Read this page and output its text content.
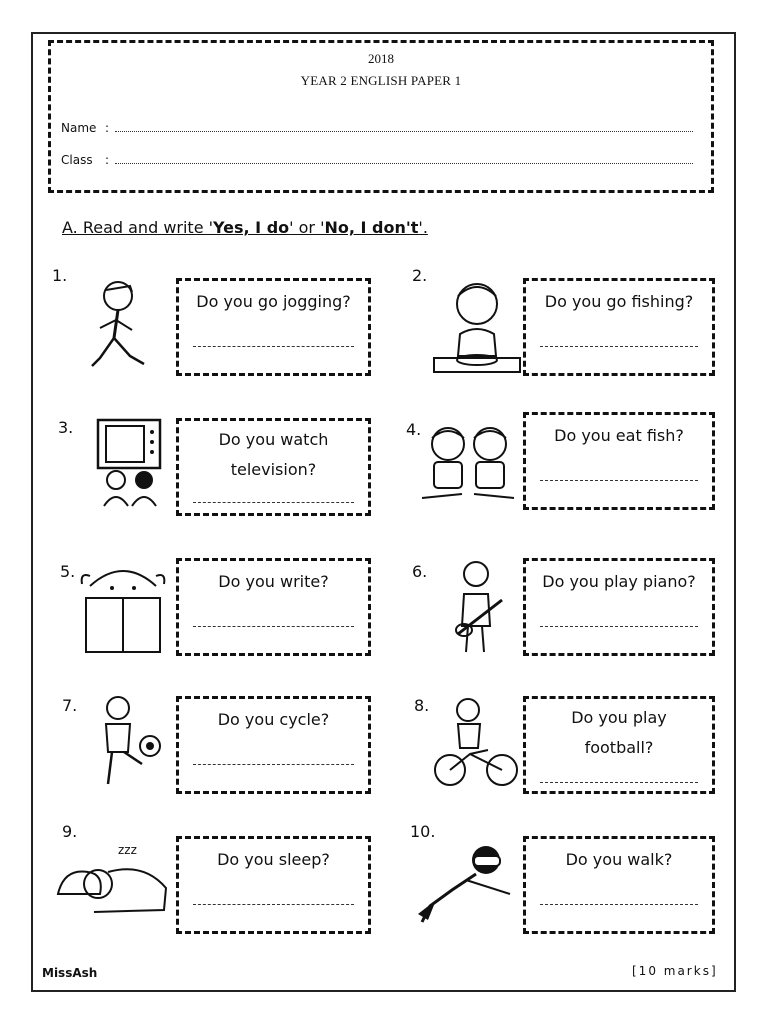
2018
YEAR 2 ENGLISH PAPER 1
Name :
Class	:
A. Read and write 'Yes, I do' or 'No, I don't'.
1.
Do you go jogging?
2.
Do you go fishing?
3.
Do you watch
television?
4.	Do you eat fish?
5.
Do you write?
6.
Do you play piano?
7.
Do you cycle?
8.
Do you play
football?
9.
zzz	Do you sleep?
10.
Do you walk?
MissAsh	[10 marks]
